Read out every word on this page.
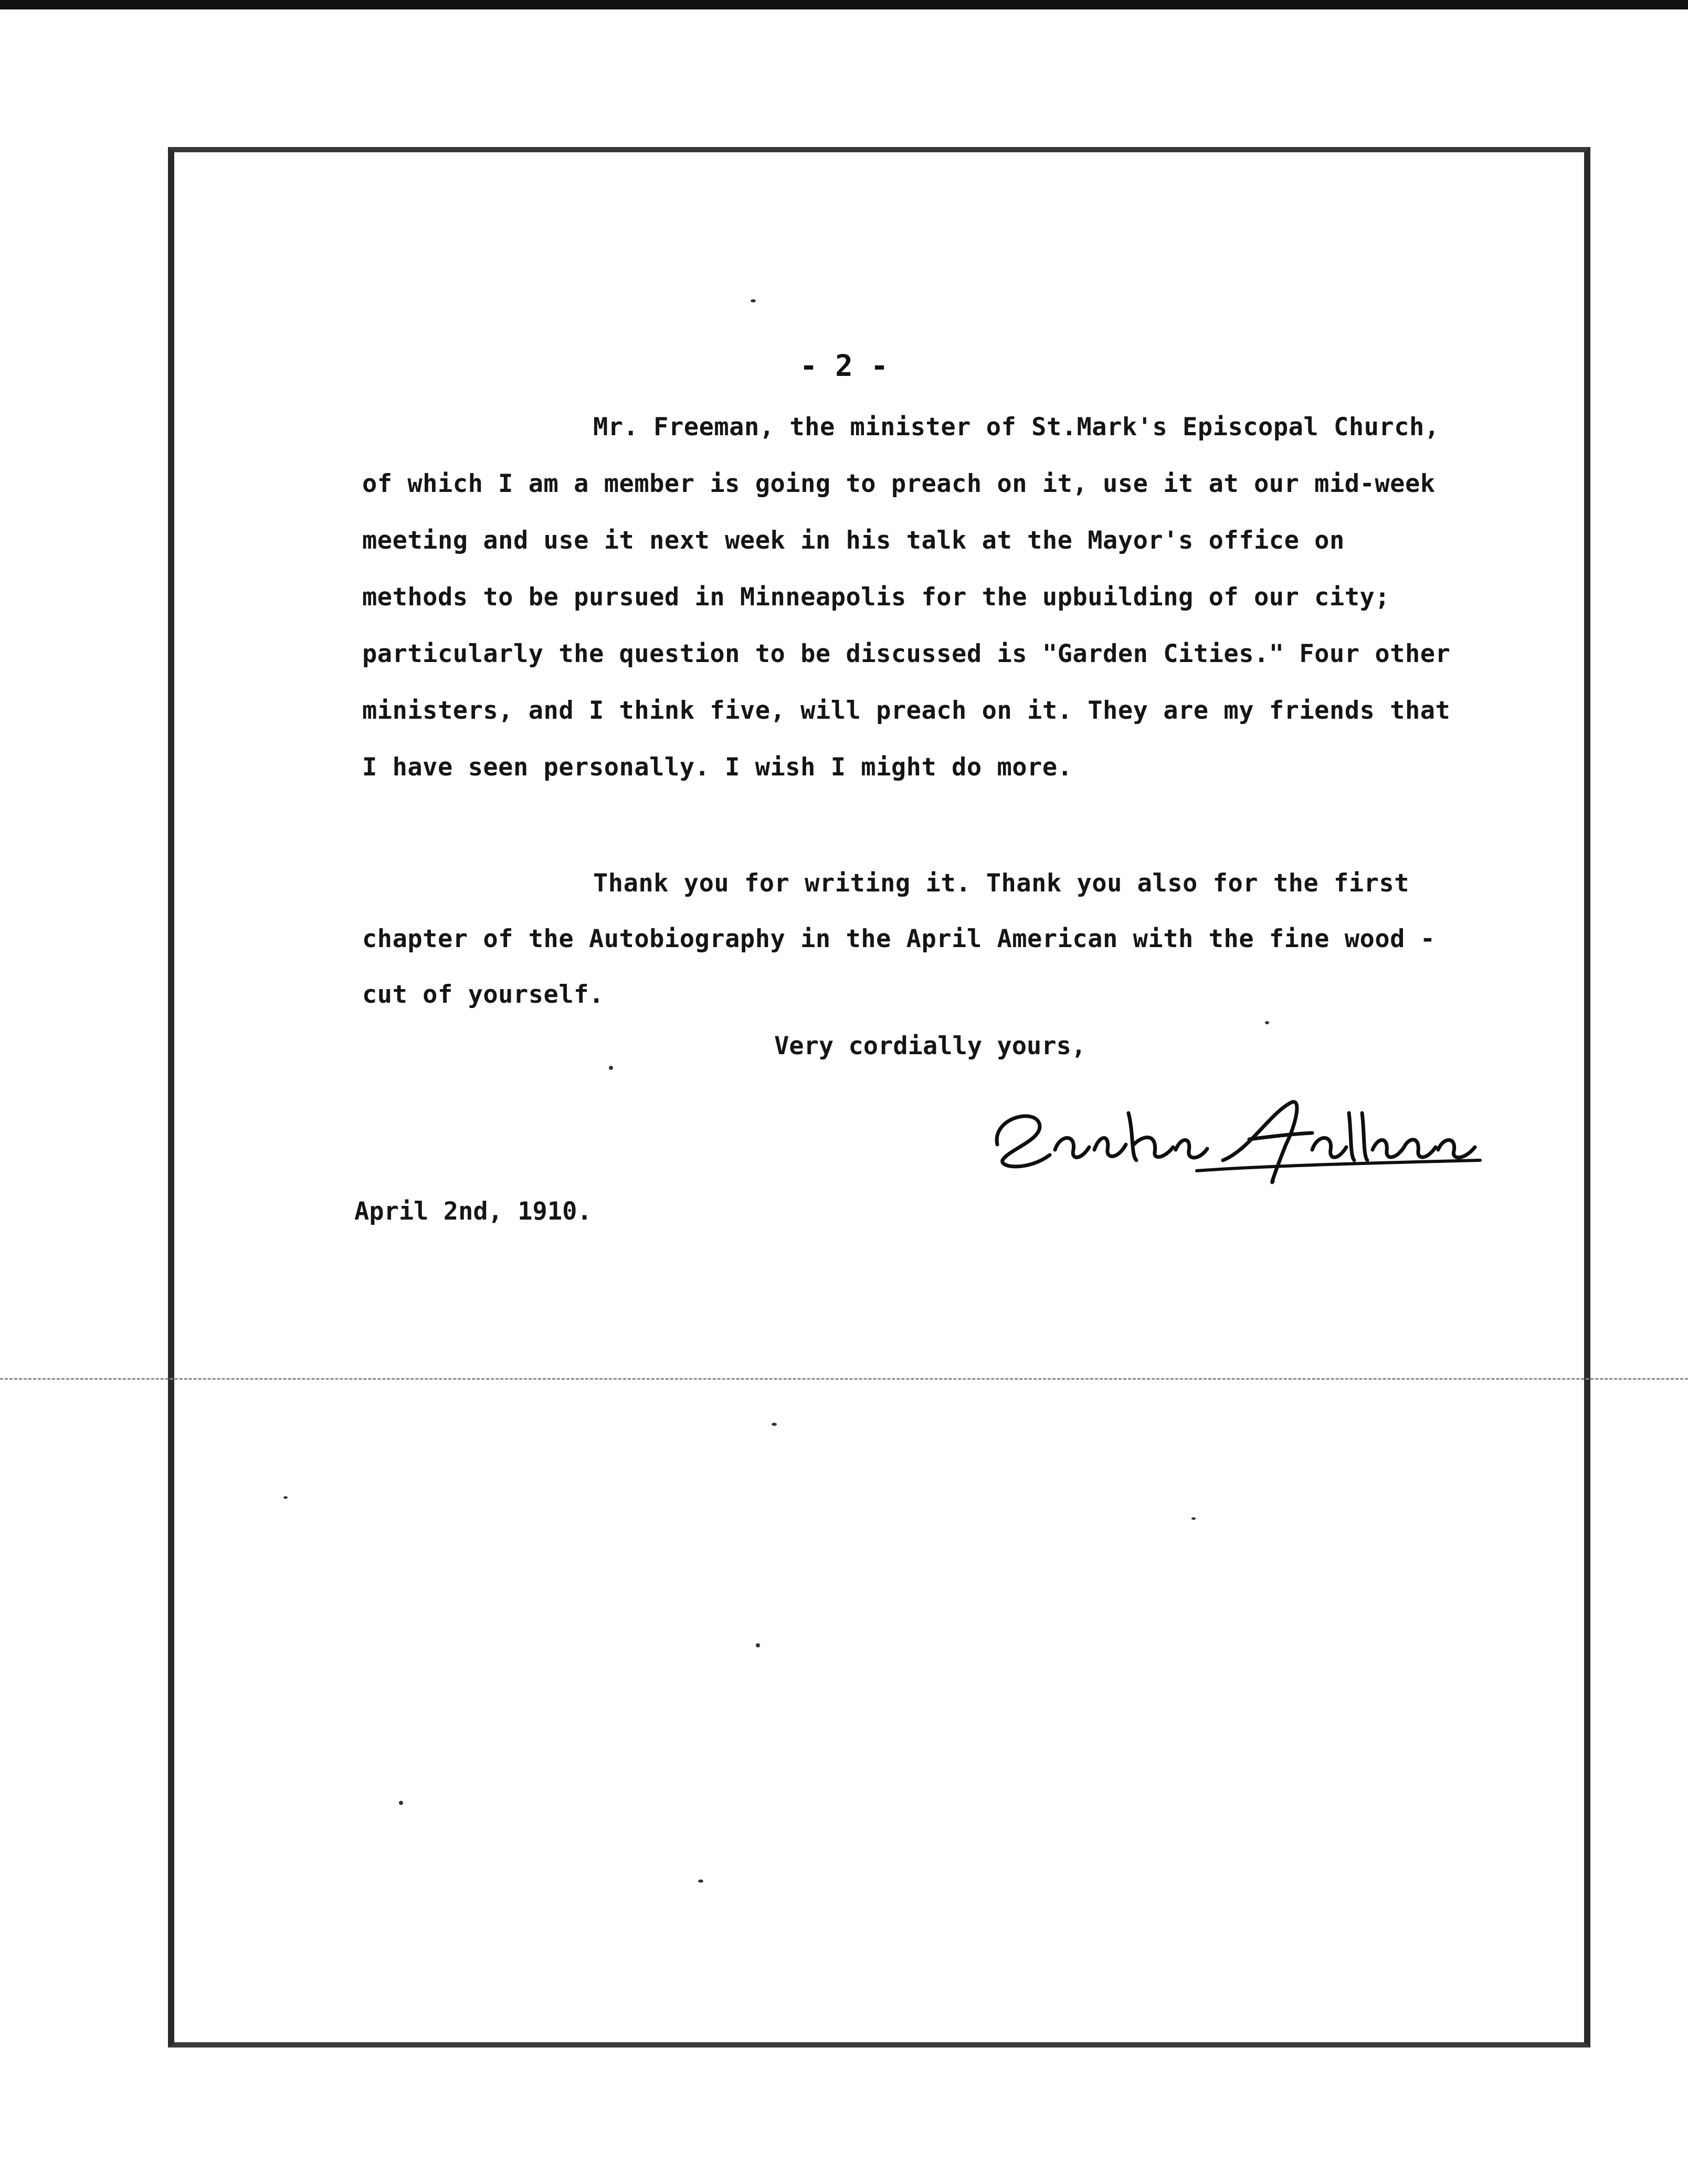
- 2 -

Mr. Freeman, the minister of St.Mark's Episcopal Church, of which I am a member is going to preach on it, use it at our mid-week meeting and use it next week in his talk at the Mayor's office on methods to be pursued in Minneapolis for the upbuilding of our city; particularly the question to be discussed is "Garden Cities." Four other ministers, and I think five, will preach on it. They are my friends that I have seen personally. I wish I might do more.

Thank you for writing it. Thank you also for the first chapter of the Autobiography in the April American with the fine wood - cut of yourself.

Very cordially yours,

Sarah Fillmore

April 2nd, 1910.
